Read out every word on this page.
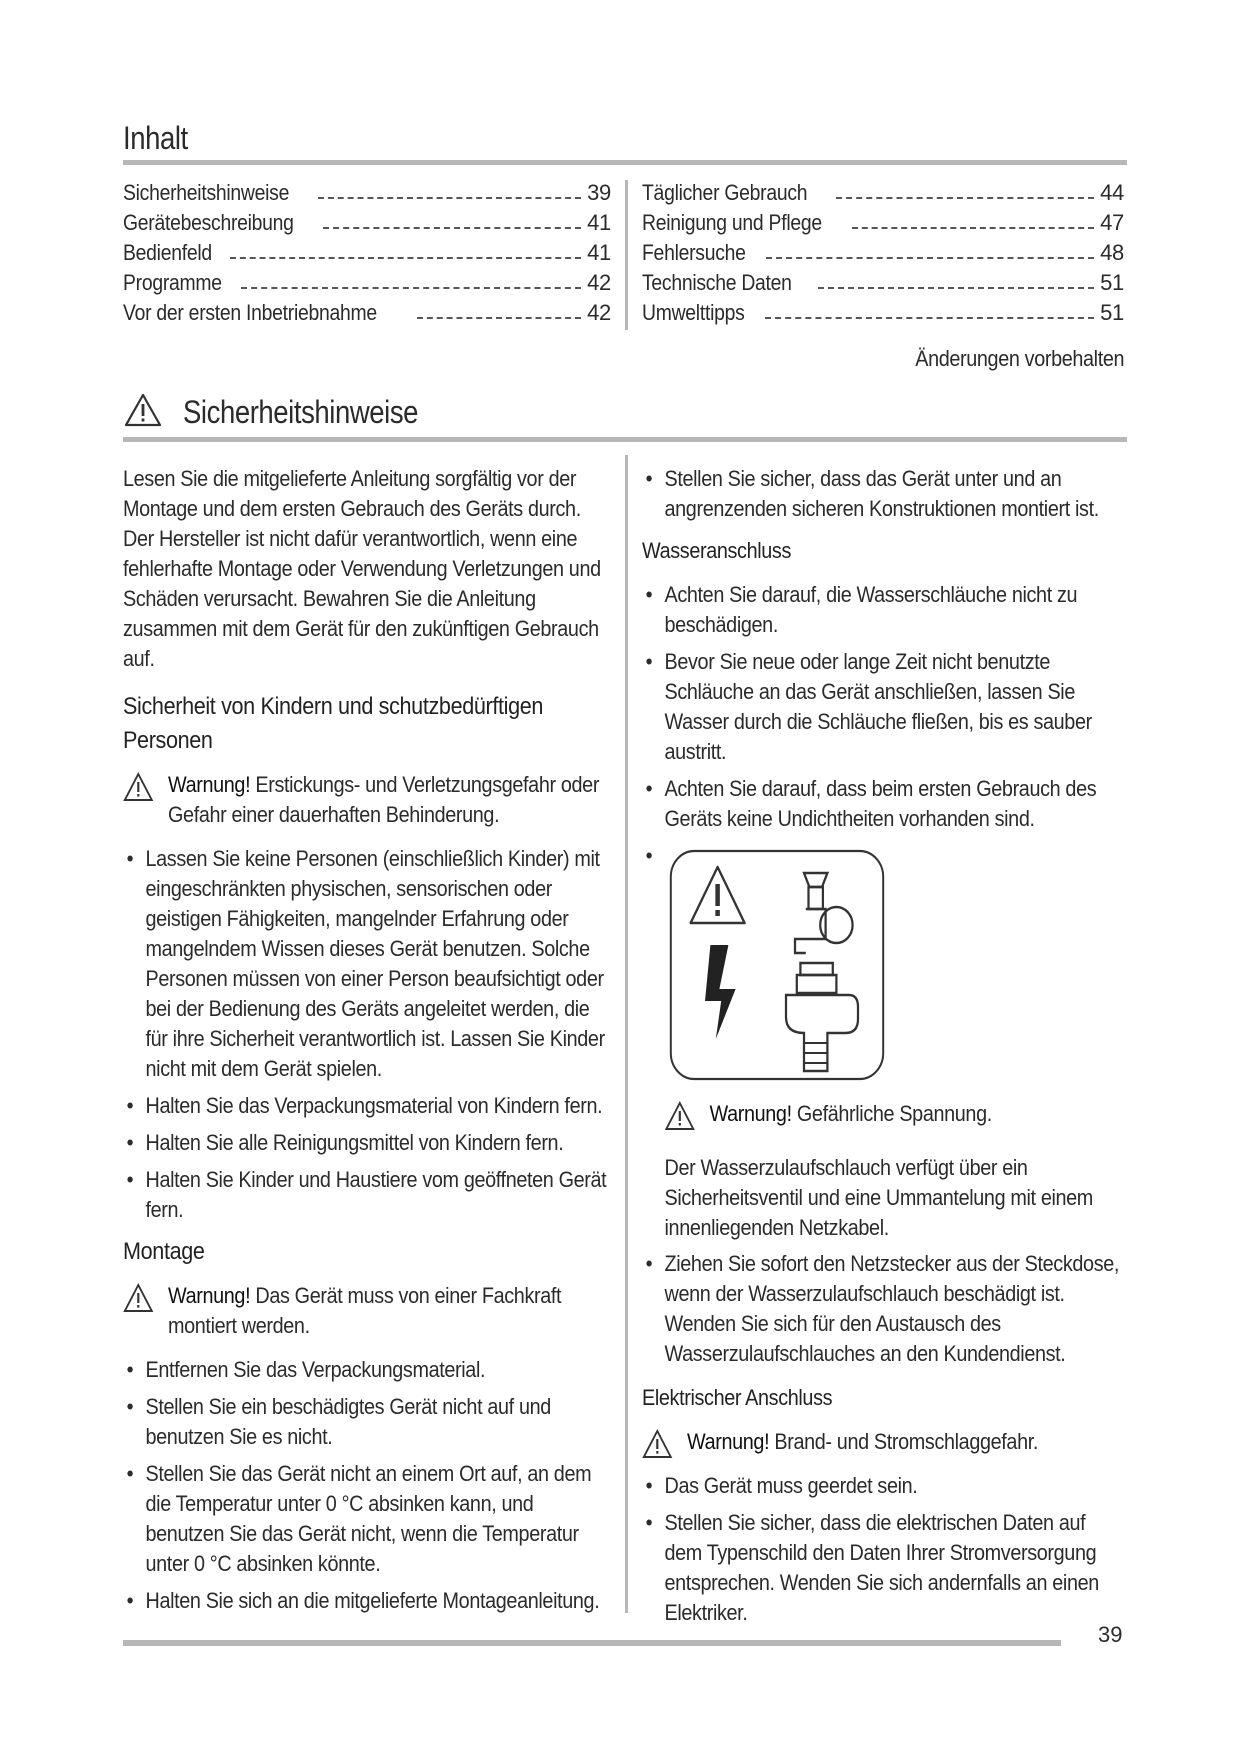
Inhalt
Sicherheitshinweise	39
Gerätebeschreibung	41
Bedienfeld	41
Programme	42
Vor der ersten Inbetriebnahme	42
Täglicher Gebrauch	44
Reinigung und Pflege	47
Fehlersuche	48
Technische Daten	51
Umwelttipps	51
Änderungen vorbehalten
Sicherheitshinweise

Lesen Sie die mitgelieferte Anleitung sorgfältig vor der Montage und dem ersten Gebrauch des Geräts durch. Der Hersteller ist nicht dafür verantwortlich, wenn eine fehlerhafte Montage oder Verwendung Verletzungen und Schäden verursacht. Bewahren Sie die Anleitung zusammen mit dem Gerät für den zukünftigen Gebrauch auf.

Sicherheit von Kindern und schutzbedürftigen Personen
Warnung! Erstickungs- und Verletzungsgefahr oder Gefahr einer dauerhaften Behinderung.
• Lassen Sie keine Personen (einschließlich Kinder) mit eingeschränkten physischen, sensorischen oder geistigen Fähigkeiten, mangelnder Erfahrung oder mangelndem Wissen dieses Gerät benutzen. Solche Personen müssen von einer Person beaufsichtigt oder bei der Bedienung des Geräts angeleitet werden, die für ihre Sicherheit verantwortlich ist. Lassen Sie Kinder nicht mit dem Gerät spielen.
• Halten Sie das Verpackungsmaterial von Kindern fern.
• Halten Sie alle Reinigungsmittel von Kindern fern.
• Halten Sie Kinder und Haustiere vom geöffneten Gerät fern.
Montage
Warnung! Das Gerät muss von einer Fachkraft montiert werden.
• Entfernen Sie das Verpackungsmaterial.
• Stellen Sie ein beschädigtes Gerät nicht auf und benutzen Sie es nicht.
• Stellen Sie das Gerät nicht an einem Ort auf, an dem die Temperatur unter 0 °C absinken kann, und benutzen Sie das Gerät nicht, wenn die Temperatur unter 0 °C absinken könnte.
• Halten Sie sich an die mitgelieferte Montageanleitung.
• Stellen Sie sicher, dass das Gerät unter und an angrenzenden sicheren Konstruktionen montiert ist.
Wasseranschluss
• Achten Sie darauf, die Wasserschläuche nicht zu beschädigen.
• Bevor Sie neue oder lange Zeit nicht benutzte Schläuche an das Gerät anschließen, lassen Sie Wasser durch die Schläuche fließen, bis es sauber austritt.
• Achten Sie darauf, dass beim ersten Gebrauch des Geräts keine Undichtheiten vorhanden sind.
•
Warnung! Gefährliche Spannung.

Der Wasserzulaufschlauch verfügt über ein Sicherheitsventil und eine Ummantelung mit einem innenliegenden Netzkabel.

• Ziehen Sie sofort den Netzstecker aus der Steckdose, wenn der Wasserzulaufschlauch beschädigt ist. Wenden Sie sich für den Austausch des Wasserzulaufschlauches an den Kundendienst.
Elektrischer Anschluss
Warnung! Brand- und Stromschlaggefahr.
• Das Gerät muss geerdet sein.
• Stellen Sie sicher, dass die elektrischen Daten auf dem Typenschild den Daten Ihrer Stromversorgung entsprechen. Wenden Sie sich andernfalls an einen Elektriker.
39
